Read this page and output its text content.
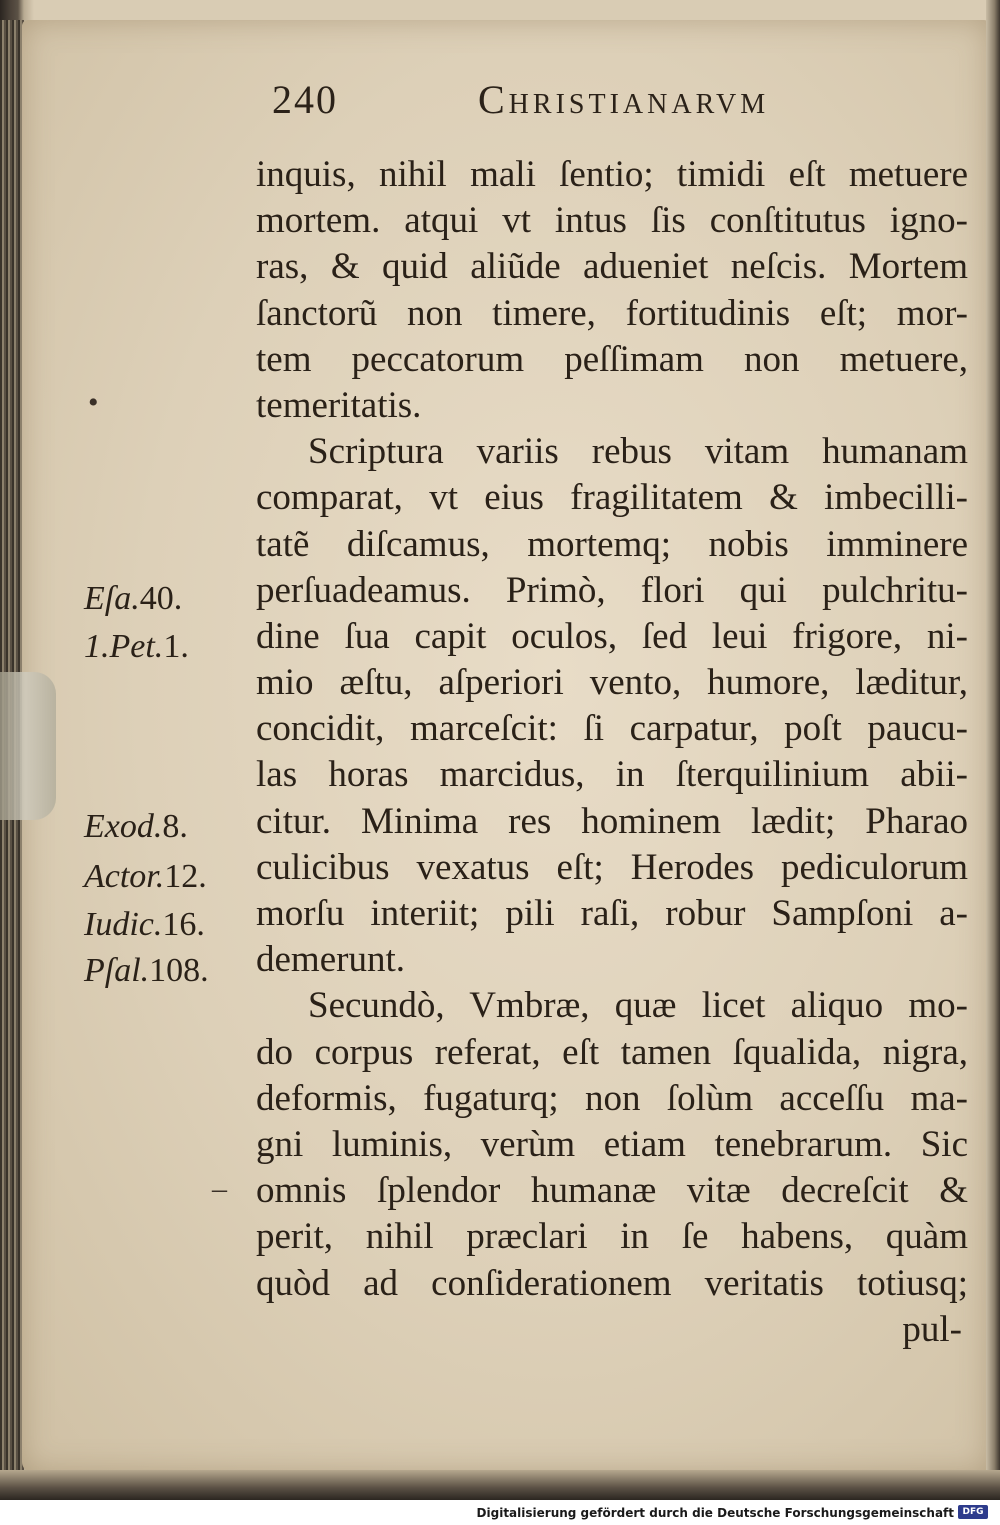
240	Christianarvm
•
–
Eſa.40.
1.Pet.1.
Exod.8.
Actor.12.
Iudic.16.
Pſal.108.
inquis, nihil mali ſentio; timidi eſt metuere
mortem. atqui vt intus ſis conſtitutus igno-
ras, & quid aliũde adueniet neſcis. Mortem
ſanctorũ non timere, fortitudinis eſt; mor-
tem peccatorum peſſimam non metuere,
temeritatis.
Scriptura variis rebus vitam humanam
comparat, vt eius fragilitatem & imbecilli-
tatẽ diſcamus, mortemq; nobis imminere
perſuadeamus. Primò, flori qui pulchritu-
dine ſua capit oculos, ſed leui frigore, ni-
mio æſtu, aſperiori vento, humore, læditur,
concidit, marceſcit: ſi carpatur, poſt paucu-
las horas marcidus, in ſterquilinium abii-
citur. Minima res hominem lædit; Pharao
culicibus vexatus eſt; Herodes pediculorum
morſu interiit; pili raſi, robur Sampſoni a-
demerunt.
Secundò, Vmbræ, quæ licet aliquo mo-
do corpus referat, eſt tamen ſqualida, nigra,
deformis, fugaturq; non ſolùm acceſſu ma-
gni luminis, verùm etiam tenebrarum. Sic
omnis ſplendor humanæ vitæ decreſcit &
perit, nihil præclari in ſe habens, quàm
quòd ad conſiderationem veritatis totiusq;
pul-
Digitalisierung gefördert durch die Deutsche Forschungsgemeinschaft DFG
